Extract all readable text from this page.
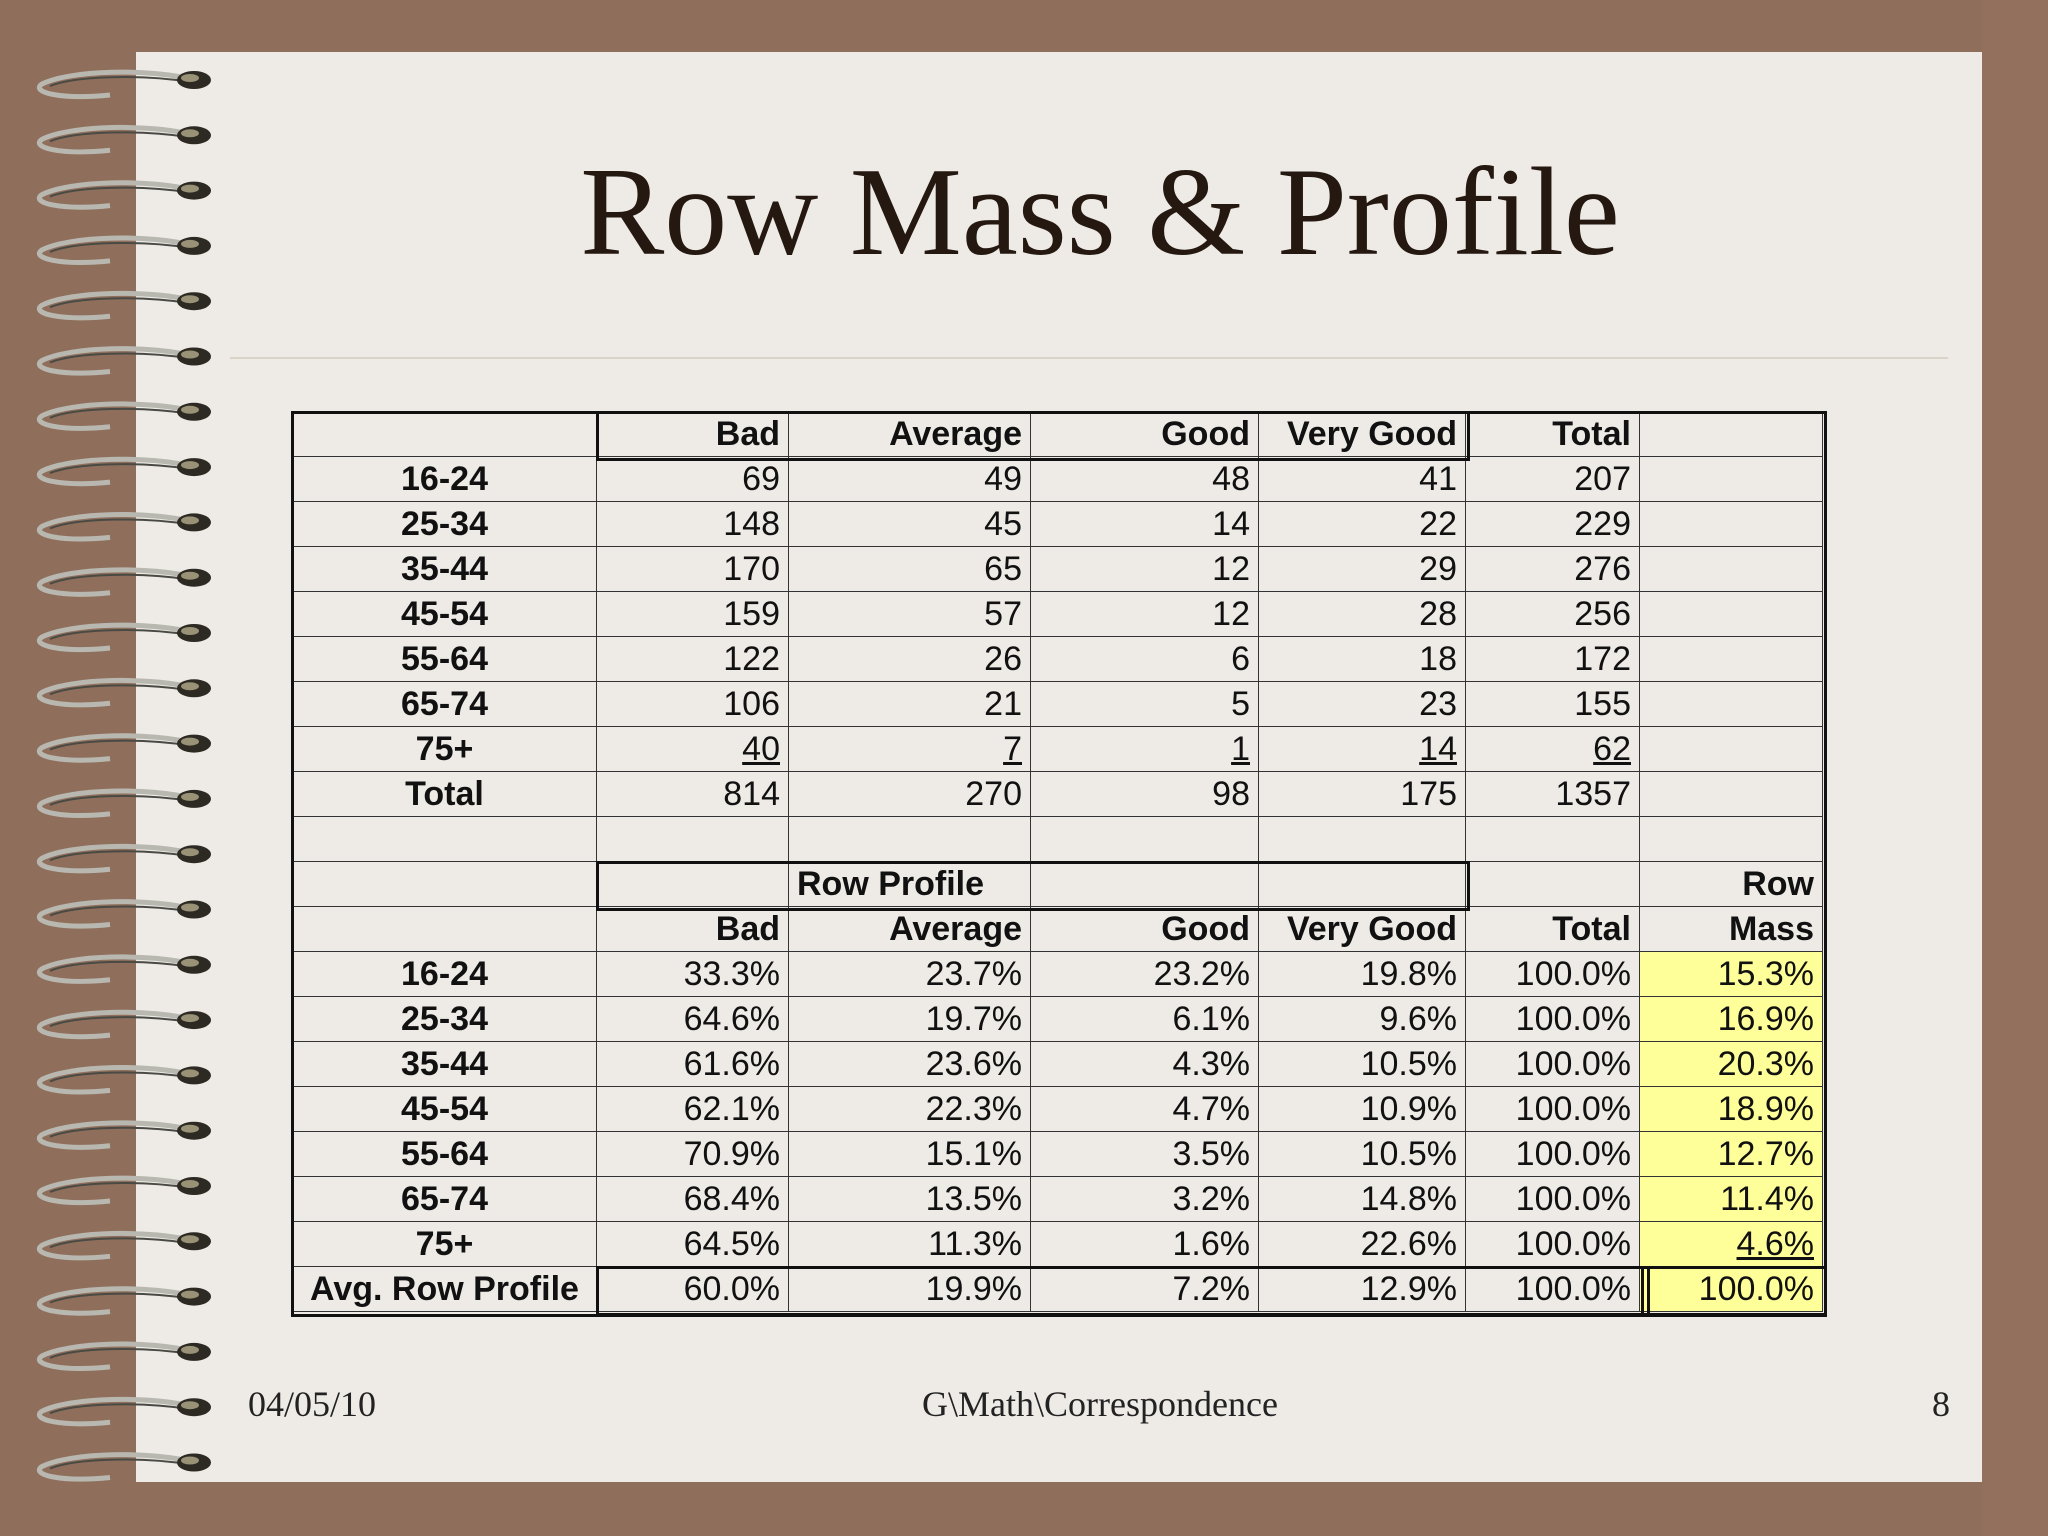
Row Mass & Profile
	Bad	Average	Good	Very Good	Total	
16-24	69	49	48	41	207	
25-34	148	45	14	22	229	
35-44	170	65	12	29	276	
45-54	159	57	12	28	256	
55-64	122	26	6	18	172	
65-74	106	21	5	23	155	
75+	40	7	1	14	62	
Total	814	270	98	175	1357	

		Row Profile				Row
	Bad	Average	Good	Very Good	Total	Mass
16-24	33.3%	23.7%	23.2%	19.8%	100.0%	15.3%
25-34	64.6%	19.7%	6.1%	9.6%	100.0%	16.9%
35-44	61.6%	23.6%	4.3%	10.5%	100.0%	20.3%
45-54	62.1%	22.3%	4.7%	10.9%	100.0%	18.9%
55-64	70.9%	15.1%	3.5%	10.5%	100.0%	12.7%
65-74	68.4%	13.5%	3.2%	14.8%	100.0%	11.4%
75+	64.5%	11.3%	1.6%	22.6%	100.0%	4.6%
Avg. Row Profile	60.0%	19.9%	7.2%	12.9%	100.0%	100.0%
04/05/10	G\Math\Correspondence	8
